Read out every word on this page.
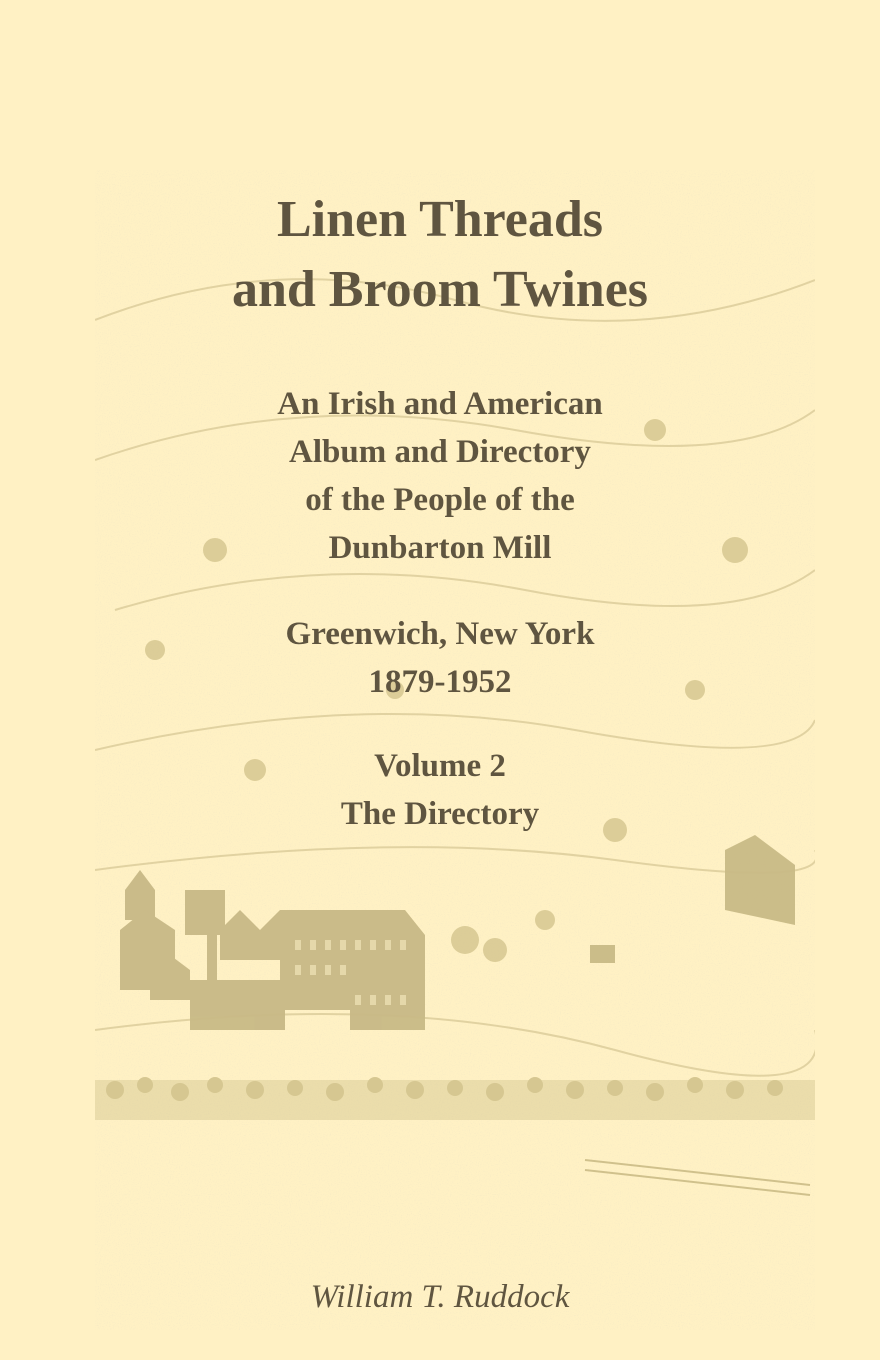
Linen Threads
and Broom Twines
An Irish and American
Album and Directory
of the People of the
Dunbarton Mill
Greenwich, New York
1879-1952
Volume 2
The Directory
William T. Ruddock
